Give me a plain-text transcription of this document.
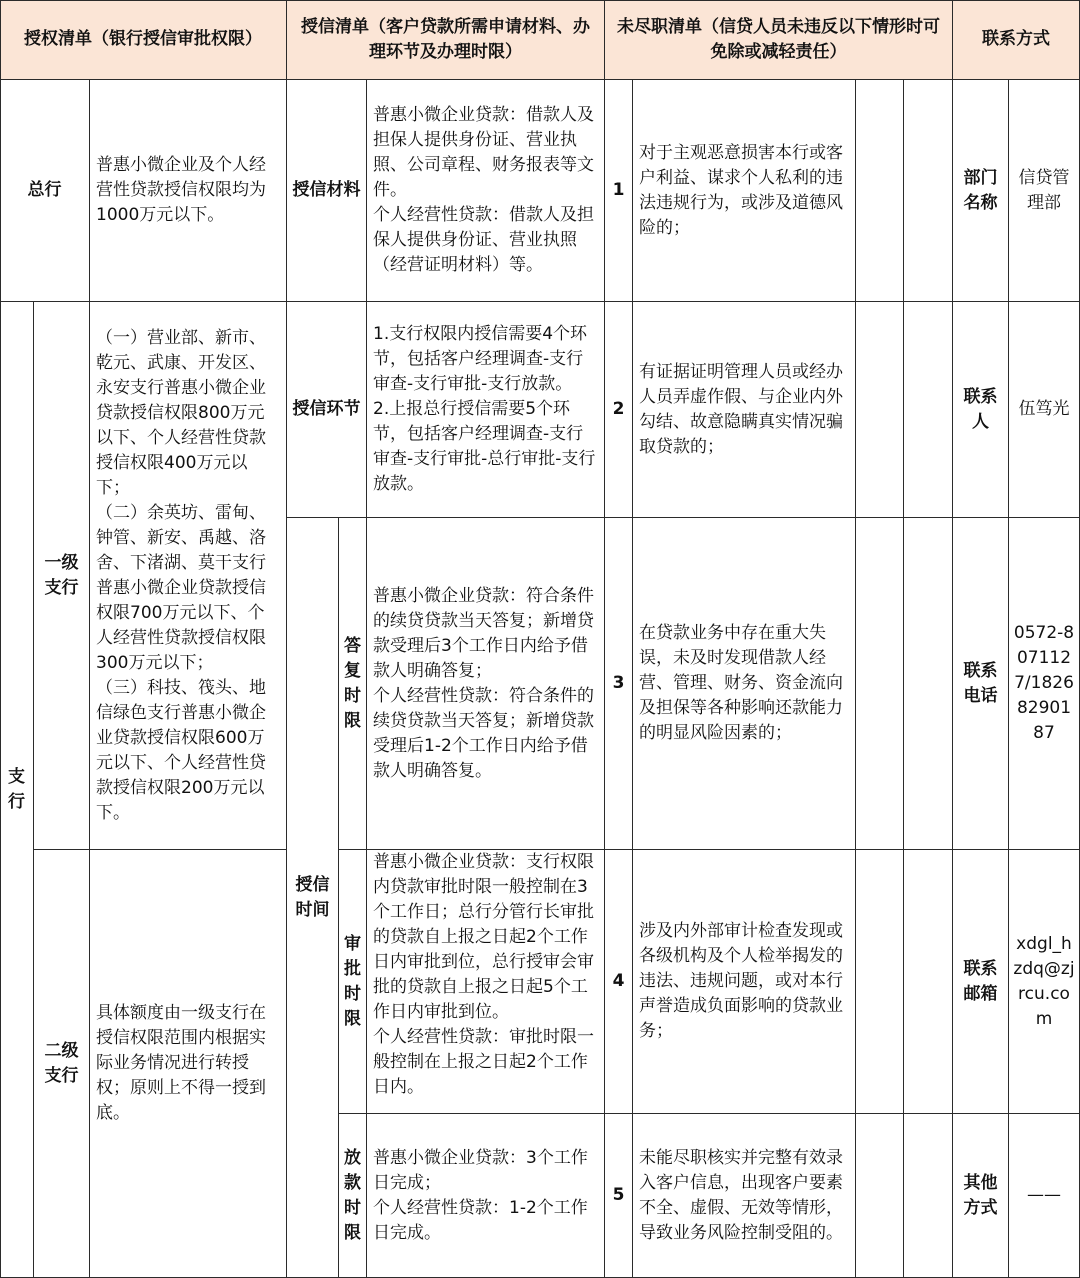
授权清单（银行授信审批权限）
授信清单（客户贷款所需申请材料、办理环节及办理时限）
未尽职清单（信贷人员未违反以下情形时可免除或减轻责任）
联系方式
总行
普惠小微企业及个人经营性贷款授信权限均为1000万元以下。
支行
一级支行
（一）营业部、新市、乾元、武康、开发区、永安支行普惠小微企业贷款授信权限800万元以下、个人经营性贷款授信权限400万元以下；
（二）余英坊、雷甸、钟管、新安、禹越、洛舍、下渚湖、莫干支行普惠小微企业贷款授信权限700万元以下、个人经营性贷款授信权限300万元以下；
（三）科技、筏头、地信绿色支行普惠小微企业贷款授信权限600万元以下、个人经营性贷款授信权限200万元以下。
二级支行
具体额度由一级支行在授信权限范围内根据实际业务情况进行转授权；原则上不得一授到底。
授信材料
普惠小微企业贷款：借款人及担保人提供身份证、营业执照、公司章程、财务报表等文件。
个人经营性贷款：借款人及担保人提供身份证、营业执照（经营证明材料）等。
授信环节
1.支行权限内授信需要4个环节，包括客户经理调查-支行审查-支行审批-支行放款。
2.上报总行授信需要5个环节，包括客户经理调查-支行审查-支行审批-总行审批-支行放款。
授信时间
答复时限
普惠小微企业贷款：符合条件的续贷贷款当天答复；新增贷款受理后3个工作日内给予借款人明确答复；
个人经营性贷款：符合条件的续贷贷款当天答复；新增贷款受理后1-2个工作日内给予借款人明确答复。
审批时限
普惠小微企业贷款：支行权限内贷款审批时限一般控制在3个工作日；总行分管行长审批的贷款自上报之日起2个工作日内审批到位，总行授审会审批的贷款自上报之日起5个工作日内审批到位。
个人经营性贷款：审批时限一般控制在上报之日起2个工作日内。
放款时限
普惠小微企业贷款：3个工作日完成；
个人经营性贷款：1-2个工作日完成。
1
2
3
4
5
对于主观恶意损害本行或客户利益、谋求个人私利的违法违规行为，或涉及道德风险的；
有证据证明管理人员或经办人员弄虚作假、与企业内外勾结、故意隐瞒真实情况骗取贷款的；
在贷款业务中存在重大失误，未及时发现借款人经营、管理、财务、资金流向及担保等各种影响还款能力的明显风险因素的；
涉及内外部审计检查发现或各级机构及个人检举揭发的违法、违规问题，或对本行声誉造成负面影响的贷款业务；
未能尽职核实并完整有效录入客户信息，出现客户要素不全、虚假、无效等情形，导致业务风险控制受阻的。
部门名称
信贷管理部
联系人
伍笃光
联系电话
0572-8071127/18268290187
联系邮箱
xdgl_hzdq@zjrcu.com
其他方式
——
